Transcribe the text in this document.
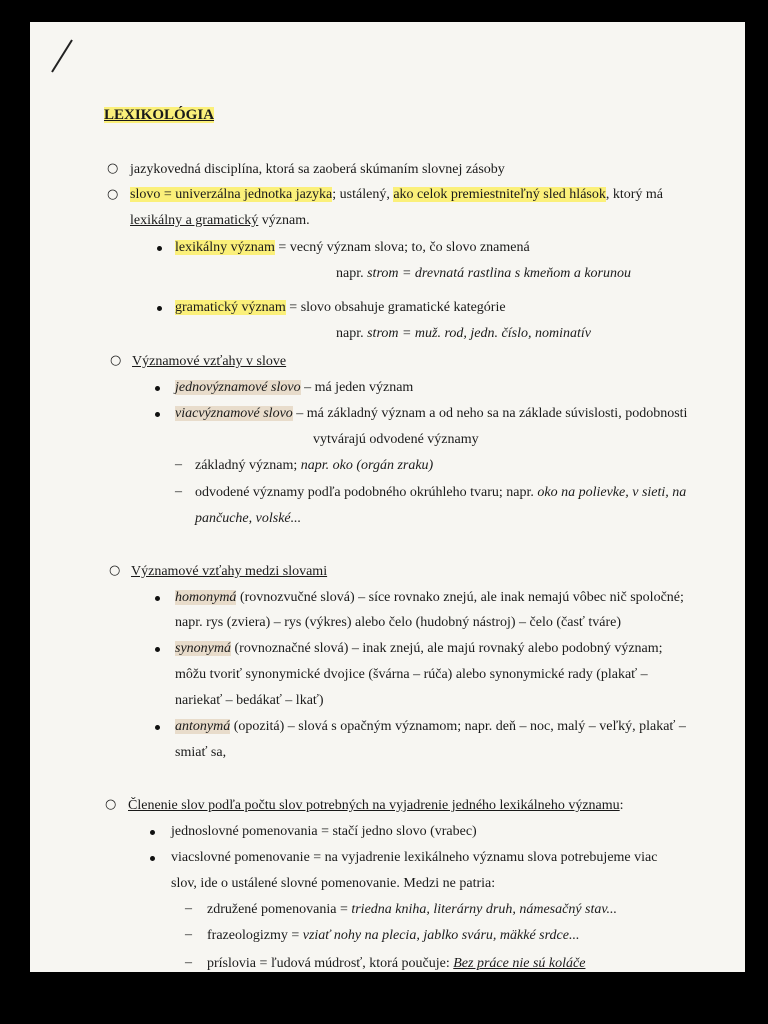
LEXIKOLÓGIA
○ jazykovedná disciplína, ktorá sa zaoberá skúmaním slovnej zásoby
○ slovo = univerzálna jednotka jazyka; ustálený, ako celok premiestniteľný sled hlások, ktorý má
lexikálny a gramatický význam.
lexikálny význam = vecný význam slova; to, čo slovo znamená
napr. strom = drevnatá rastlina s kmeňom a korunou
gramatický význam = slovo obsahuje gramatické kategórie
napr. strom = muž. rod, jedn. číslo, nominatív
○ Významové vzťahy v slove
jednovýznamové slovo – má jeden význam
viacvýznamové slovo – má základný význam a od neho sa na základe súvislosti, podobnosti
vytvárajú odvodené významy
– základný význam; napr. oko (orgán zraku)
– odvodené významy podľa podobného okrúhleho tvaru; napr. oko na polievke, v sieti, na
pančuche, volské...
○ Významové vzťahy medzi slovami
homonymá (rovnozvučné slová) – síce rovnako znejú, ale inak nemajú vôbec nič spoločné;
napr. rys (zviera) – rys (výkres) alebo čelo (hudobný nástroj) – čelo (časť tváre)
synonymá (rovnoznačné slová) – inak znejú, ale majú rovnaký alebo podobný význam;
môžu tvoriť synonymické dvojice (švárna – rúča) alebo synonymické rady (plakať –
nariekať – bedákať – lkať)
antonymá (opozitá) – slová s opačným významom; napr. deň – noc, malý – veľký, plakať –
smiať sa,
○ Členenie slov podľa počtu slov potrebných na vyjadrenie jedného lexikálneho významu:
jednoslovné pomenovania = stačí jedno slovo (vrabec)
viacslovné pomenovanie = na vyjadrenie lexikálneho významu slova potrebujeme viac
slov, ide o ustálené slovné pomenovanie. Medzi ne patria:
– združené pomenovania = triedna kniha, literárny druh, námesačný stav...
– frazeologizmy = vziať nohy na plecia, jablko sváru, mäkké srdce...
– príslovia = ľudová múdrosť, ktorá poučuje: Bez práce nie sú koláče
